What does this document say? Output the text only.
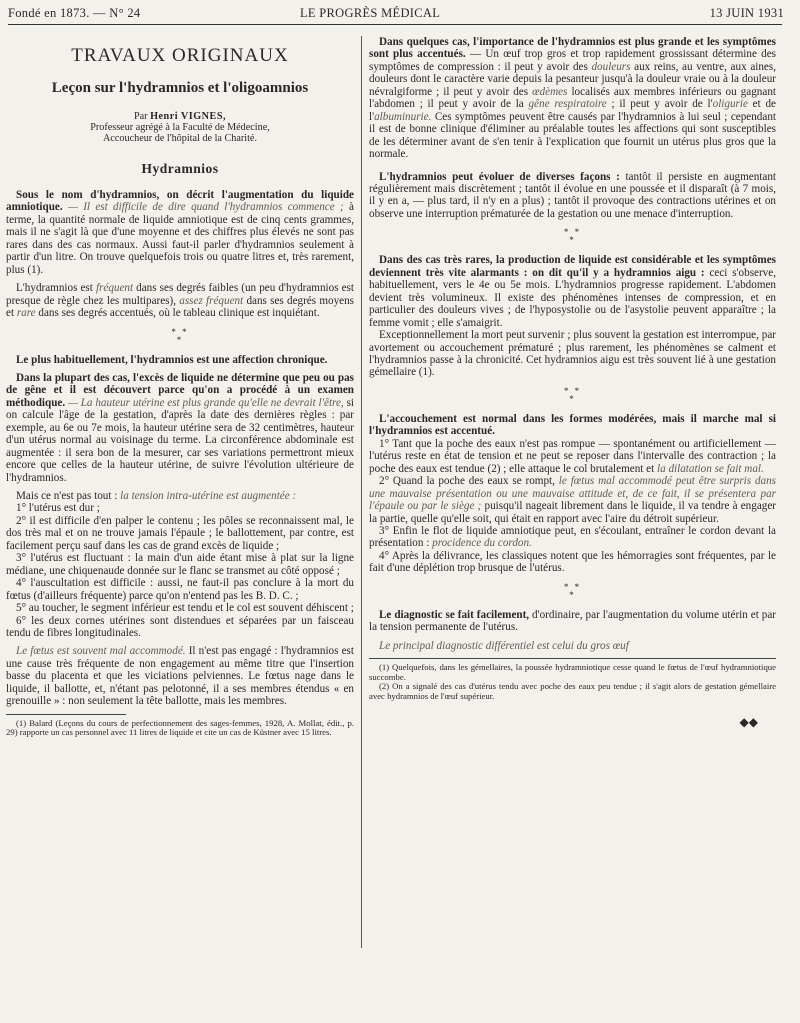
Fondé en 1873. — N° 24	LE PROGRÈS MÉDICAL	13 JUIN 1931
TRAVAUX ORIGINAUX
Leçon sur l'hydramnios et l'oligoamnios
Par Henri VIGNES,
Professeur agrégé à la Faculté de Médecine,
Accoucheur de l'hôpital de la Charité.
Hydramnios

Sous le nom d'hydramnios, on décrit l'augmentation du liquide amniotique. — Il est difficile de dire quand l'hydramnios commence ; à terme, la quantité normale de liquide amniotique est de cinq cents grammes, mais il ne s'agit là que d'une moyenne et des chiffres plus élevés ne sont pas rares dans des cas normaux. Aussi faut-il parler d'hydramnios seulement à partir d'un litre. On trouve quelquefois trois ou quatre litres et, très rarement, plus (1).

L'hydramnios est fréquent dans ses degrés faibles (un peu d'hydramnios est presque de règle chez les multipares), assez fréquent dans ses degrés moyens et rare dans ses degrés accentués, où le tableau clinique est inquiétant.

* *
*

Le plus habituellement, l'hydramnios est une affection chronique.

Dans la plupart des cas, l'excès de liquide ne détermine que peu ou pas de gêne et il est découvert parce qu'on a procédé à un examen méthodique. — La hauteur utérine est plus grande qu'elle ne devrait l'être, si on calcule l'âge de la gestation, d'après la date des dernières règles : par exemple, au 6e ou 7e mois, la hauteur utérine sera de 32 centimètres, hauteur d'un utérus normal au voisinage du terme. La circonférence abdominale est augmentée : il sera bon de la mesurer, car ses variations permettront mieux encore que celles de la hauteur utérine, de suivre l'évolution ultérieure de l'hydramnios.

Mais ce n'est pas tout : la tension intra-utérine est augmentée :

1° l'utérus est dur ;

2° il est difficile d'en palper le contenu ; les pôles se reconnaissent mal, le dos très mal et on ne trouve jamais l'épaule ; le ballottement, par contre, est facilement perçu sauf dans les cas de grand excès de liquide ;

3° l'utérus est fluctuant : la main d'un aide étant mise à plat sur la ligne médiane, une chiquenaude donnée sur le flanc se transmet au côté opposé ;

4° l'auscultation est difficile : aussi, ne faut-il pas conclure à la mort du fœtus (d'ailleurs fréquente) parce qu'on n'entend pas les B. D. C. ;

5° au toucher, le segment inférieur est tendu et le col est souvent déhiscent ;

6° les deux cornes utérines sont distendues et séparées par un faisceau tendu de fibres longitudinales.

Le fœtus est souvent mal accommodé. Il n'est pas engagé : l'hydramnios est une cause très fréquente de non engagement au même titre que l'insertion basse du placenta et que les viciations pelviennes. Le fœtus nage dans le liquide, il ballotte, et, n'étant pas pelotonné, il a ses membres étendus « en grenouille » : non seulement la tête ballotte, mais les membres.

(1) Balard (Leçons du cours de perfectionnement des sages-femmes, 1928, A. Mollat, édit., p. 29) rapporte un cas personnel avec 11 litres de liquide et cite un cas de Küstner avec 15 litres.

Dans quelques cas, l'importance de l'hydramnios est plus grande et les symptômes sont plus accentués. — Un œuf trop gros et trop rapidement grossissant détermine des symptômes de compression : il peut y avoir des douleurs aux reins, au ventre, aux aines, douleurs dont le caractère varie depuis la pesanteur jusqu'à la douleur vraie ou à la douleur névralgiforme ; il peut y avoir des œdèmes localisés aux membres inférieurs ou gagnant l'abdomen ; il peut y avoir de la gêne respiratoire ; il peut y avoir de l'oligurie et de l'albuminurie. Ces symptômes peuvent être causés par l'hydramnios à lui seul ; cependant il est de bonne clinique d'éliminer au préalable toutes les affections qui sont susceptibles de les déterminer avant de s'en tenir à l'explication que fournit un utérus plus gros que la normale.

L'hydramnios peut évoluer de diverses façons : tantôt il persiste en augmentant régulièrement mais discrètement ; tantôt il évolue en une poussée et il disparaît (à 7 mois, il y en a, — plus tard, il n'y en a plus) ; tantôt il provoque des contractions utérines et on observe une interruption prématurée de la gestation ou une menace d'interruption.

* *
*

Dans des cas très rares, la production de liquide est considérable et les symptômes deviennent très vite alarmants : on dit qu'il y a hydramnios aigu : ceci s'observe, habituellement, vers le 4e ou 5e mois. L'hydramnios progresse rapidement. L'abdomen devient très volumineux. Il existe des phénomènes intenses de compression, et en particulier des douleurs vives ; de l'hyposystolie ou de l'asystolie peuvent apparaître ; la femme vomit ; elle s'amaigrit.

Exceptionnellement la mort peut survenir ; plus souvent la gestation est interrompue, par avortement ou accouchement prématuré ; plus rarement, les phénomènes se calment et l'hydramnios passe à la chronicité. Cet hydramnios aigu est très souvent lié à une gestation gémellaire (1).

* *
*

L'accouchement est normal dans les formes modérées, mais il marche mal si l'hydramnios est accentué.

1° Tant que la poche des eaux n'est pas rompue — spontanément ou artificiellement — l'utérus reste en état de tension et ne peut se reposer dans l'intervalle des contraction ; la poche des eaux est tendue (2) ; elle attaque le col brutalement et la dilatation se fait mal.

2° Quand la poche des eaux se rompt, le fœtus mal accommodé peut être surpris dans une mauvaise présentation ou une mauvaise attitude et, de ce fait, il se présentera par l'épaule ou par le siège ; puisqu'il nageait librement dans le liquide, il va tendre à engager la partie, quelle qu'elle soit, qui était en rapport avec l'aire du détroit supérieur.

3° Enfin le flot de liquide amniotique peut, en s'écoulant, entraîner le cordon devant la présentation : procidence du cordon.

4° Après la délivrance, les classiques notent que les hémorragies sont fréquentes, par le fait d'une déplétion trop brusque de l'utérus.

* *
*

Le diagnostic se fait facilement, d'ordinaire, par l'augmentation du volume utérin et par la tension permanente de l'utérus.

Le principal diagnostic différentiel est celui du gros œuf

(1) Quelquefois, dans les gémellaires, la poussée hydramniotique cesse quand le fœtus de l'œuf hydramniotique succombe.

(2) On a signalé des cas d'utérus tendu avec poche des eaux peu tendue ; il s'agit alors de gestation gémellaire avec hydramnios de l'œuf supérieur.

◆◆
